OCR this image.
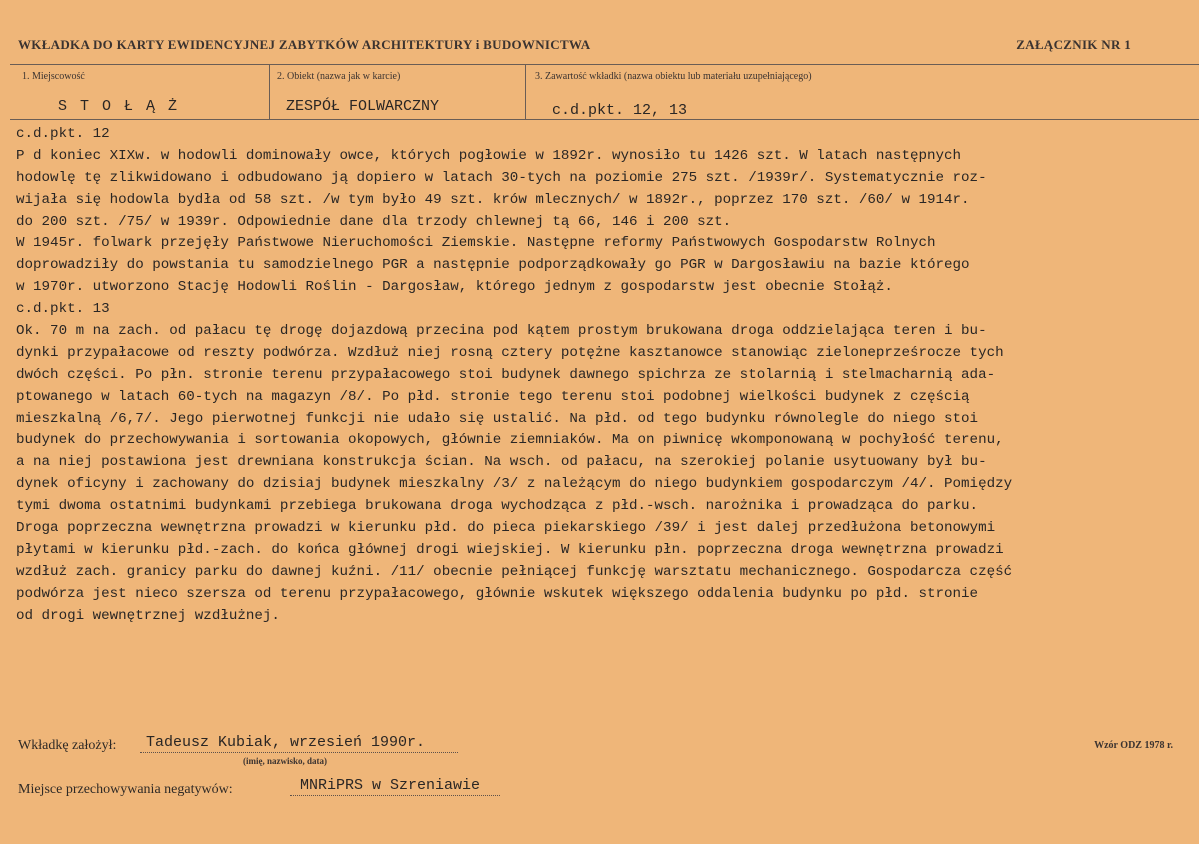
WKŁADKA DO KARTY EWIDENCYJNEJ ZABYTKÓW ARCHITEKTURY i BUDOWNICTWA	ZAŁĄCZNIK NR 1
1. Miejscowość
S T O Ł Ą Ż
2. Obiekt (nazwa jak w karcie)
ZESPÓŁ FOLWARCZNY
3. Zawartość wkładki (nazwa obiektu lub materiału uzupełniającego)
c.d.pkt. 12, 13
c.d.pkt. 12
P d koniec XIXw. w hodowli dominowały owce, których pogłowie w 1892r. wynosiło tu 1426 szt. W latach następnych
hodowlę tę zlikwidowano i odbudowano ją dopiero w latach 30-tych na poziomie 275 szt. /1939r/. Systematycznie roz-
wijała się hodowla bydła od 58 szt. /w tym było 49 szt. krów mlecznych/ w 1892r., poprzez 170 szt. /60/ w 1914r.
do 200 szt. /75/ w 1939r. Odpowiednie dane dla trzody chlewnej tą 66, 146 i 200 szt.
W 1945r. folwark przejęły Państwowe Nieruchomości Ziemskie. Następne reformy Państwowych Gospodarstw Rolnych
doprowadziły do powstania tu samodzielnego PGR a następnie podporządkowały go PGR w Dargosławiu na bazie którego
w 1970r. utworzono Stację Hodowli Roślin - Dargosław, którego jednym z gospodarstw jest obecnie Stołąż.
c.d.pkt. 13
Ok. 70 m na zach. od pałacu tę drogę dojazdową przecina pod kątem prostym brukowana droga oddzielająca teren i bu-
dynki przypałacowe od reszty podwórza. Wzdłuż niej rosną cztery potężne kasztanowce stanowiąc zieloneprześrocze tych
dwóch części. Po płn. stronie terenu przypałacowego stoi budynek dawnego spichrza ze stolarnią i stelmacharnią ada-
ptowanego w latach 60-tych na magazyn /8/. Po płd. stronie tego terenu stoi podobnej wielkości budynek z częścią
mieszkalną /6,7/. Jego pierwotnej funkcji nie udało się ustalić. Na płd. od tego budynku równolegle do niego stoi
budynek do przechowywania i sortowania okopowych, głównie ziemniaków. Ma on piwnicę wkomponowaną w pochyłość terenu,
a na niej postawiona jest drewniana konstrukcja ścian. Na wsch. od pałacu, na szerokiej polanie usytuowany był bu-
dynek oficyny i zachowany do dzisiaj budynek mieszkalny /3/ z należącym do niego budynkiem gospodarczym /4/. Pomiędzy
tymi dwoma ostatnimi budynkami przebiega brukowana droga wychodząca z płd.-wsch. narożnika i prowadząca do parku.
Droga poprzeczna wewnętrzna prowadzi w kierunku płd. do pieca piekarskiego /39/ i jest dalej przedłużona betonowymi
płytami w kierunku płd.-zach. do końca głównej drogi wiejskiej. W kierunku płn. poprzeczna droga wewnętrzna prowadzi
wzdłuż zach. granicy parku do dawnej kuźni. /11/ obecnie pełniącej funkcję warsztatu mechanicznego. Gospodarcza część
podwórza jest nieco szersza od terenu przypałacowego, głównie wskutek większego oddalenia budynku po płd. stronie
od drogi wewnętrznej wzdłużnej.
Wkładkę założył: Tadeusz Kubiak, wrzesień 1990r.
(imię, nazwisko, data)
Wzór ODZ 1978 r.
Miejsce przechowywania negatywów:	MNRiPRS w Szreniawie
